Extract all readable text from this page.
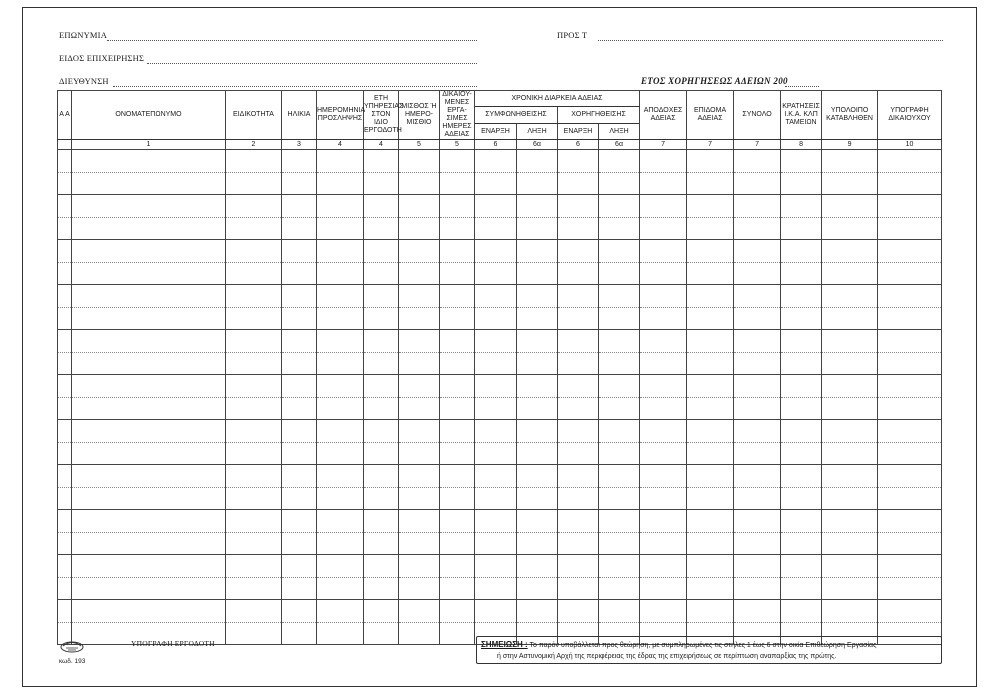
ΕΠΩΝΥΜΙΑ	ΠΡΟΣ Τ
ΕΙΔΟΣ ΕΠΙΧΕΙΡΗΣΗΣ
ΔΙΕΥΘΥΝΣΗ	ΕΤΟΣ ΧΟΡΗΓΗΣΕΩΣ ΑΔΕΙΩΝ 200
Α Α	ΟΝΟΜΑΤΕΠΩΝΥΜΟ	ΕΙΔΙΚΟΤΗΤΑ	ΗΛΙΚΙΑ	ΗΜΕΡΟΜΗΝΙΑ ΠΡΟΣΛΗΨΗΣ	ΕΤΗ ΥΠΗΡΕΣΙΑΣ ΣΤΟΝ ΙΔΙΟ ΕΡΓΟΔΟΤΗ	ΜΙΣΘΟΣ Ή ΗΜΕΡΟ-ΜΙΣΘΙΟ	ΔΙΚΑΙΟΥ-ΜΕΝΕΣ ΕΡΓΑ-ΣΙΜΕΣ ΗΜΕΡΕΣ ΑΔΕΙΑΣ	ΧΡΟΝΙΚΗ ΔΙΑΡΚΕΙΑ ΑΔΕΙΑΣ				ΑΠΟΔΟΧΕΣ ΑΔΕΙΑΣ	ΕΠΙΔΟΜΑ ΑΔΕΙΑΣ	ΣΥΝΟΛΟ	ΚΡΑΤΗΣΕΙΣ Ι.Κ.Α. ΚΛΠ ΤΑΜΕΙΩΝ	ΥΠΟΛΟΙΠΟ ΚΑΤΑΒΛΗΘΕΝ	ΥΠΟΓΡΑΦΗ ΔΙΚΑΙΟΥΧΟΥ
								ΣΥΜΦΩΝΗΘΕΙΣΗΣ		ΧΟΡΗΓΗΘΕΙΣΗΣ							
								ΕΝΑΡΞΗ	ΛΗΞΗ	ΕΝΑΡΞΗ	ΛΗΞΗ						
	1	2	3	4	4	5	5	6	6α	6	6α	7	7	7	8	9	10

κωδ. 193
ΥΠΟΓΡΑΦΗ ΕΡΓΟΔΟΤΗ	ΣΗΜΕΙΩΣΗ : Το παρόν υποβάλλεται προς θεώρηση, με συμπληρωμένες τις στήλες 1 έως 6 στην οικία Επιθεώρηση Εργασίας
ή στην Αστυνομική Αρχή της περιφέρειας της έδρας της επιχειρήσεως σε περίπτωση αναπαρξίας της πρώτης.
